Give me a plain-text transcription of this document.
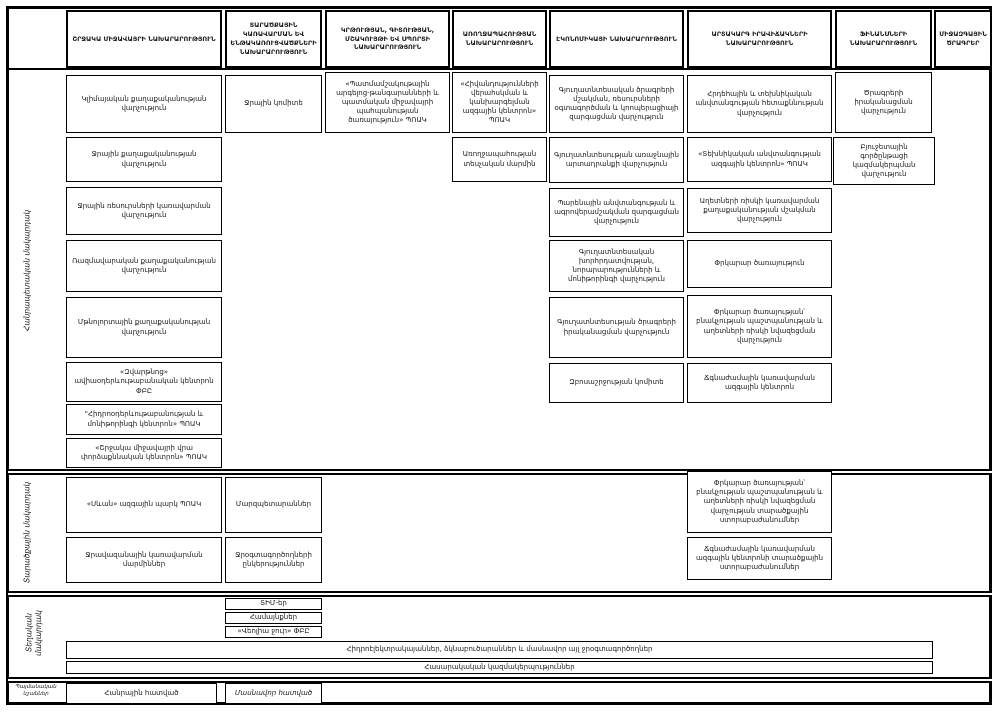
ՇՐՋԱԿԱ ՄԻՋԱՎԱՅՐԻ ՆԱԽԱՐԱՐՈՒԹՅՈՒՆ
ՏԱՐԱԾՔԱՅԻՆ ԿԱՌԱՎԱՐՄԱՆ ԵՎ ԵՆԹԱԿԱՌՈՒՑՎԱԾՔՆԵՐԻ ՆԱԽԱՐԱՐՈՒԹՅՈՒՆ
ԿՐԹՈՒԹՅԱՆ, ԳԻՏՈՒԹՅԱՆ, ՄՇԱԿՈՒՅԹԻ ԵՎ ՍՊՈՐՏԻ ՆԱԽԱՐԱՐՈՒԹՅՈՒՆ
ԱՌՈՂՋԱՊԱՀՈՒԹՅԱՆ ՆԱԽԱՐԱՐՈՒԹՅՈՒՆ
ԷԿՈՆՈՄԻԿԱՅԻ ՆԱԽԱՐԱՐՈՒԹՅՈՒՆ
ԱՐՏԱԿԱՐԳ ԻՐԱՎԻՃԱԿՆԵՐԻ ՆԱԽԱՐԱՐՈՒԹՅՈՒՆ
ՖԻՆԱՆՍՆԵՐԻ ՆԱԽԱՐԱՐՈՒԹՅՈՒՆ
ՄԻՋԱԶԳԱՅԻՆ ԾՐԱԳՐԵՐ
Հանրապետական մակարդակ
Կլիմայական քաղաքականության վարչություն
Ջրային քաղաքականության վարչություն
Ջրային ռեսուրսների կառավարման վարչություն
Ռազմավարական քաղաքականության վարչություն
Մթնոլորտային քաղաքականության վարչություն
«Զվարթնոց» ավիաօդերևութաբանական կենտրոն ՓԲԸ
"Հիդրոօդերևութաբանության և մոնիթորինգի կենտրոն» ՊՈԱԿ
«Շրջակա միջավայրի վրա փորձաքննական կենտրոն» ՊՈԱԿ
Ջրային կոմիտե
«Պատմամշակութային արգելոց-թանգարանների և պատմական միջավայրի պահպանության ծառայություն» ՊՈԱԿ
«Հիվանդությունների վերահսկման և կանխարգելման ազգային կենտրոն» ՊՈԱԿ
Առողջապահության տեսչական մարմին
Գյուղատնտեսական ծրագրերի մշակման, ռեսուրսների օգտագործման և կոոպերացիայի զարգացման վարչություն
Գյուղատնտեսության առաջնային արտադրանքի վարչություն
Պարենային անվտանգության և ագրովերամշակման զարգացման վարչություն
Գյուղատնտեսական խորհրդատվության, նորարարությունների և մոնիթորինգի վարչություն
Գյուղատնտեսության ծրագրերի իրականացման վարչություն
Զբոսաշրջության կոմիտե
Հրդեհային և տեխնիկական անվտանգության հետաքննության վարչություն
«Տեխնիկական անվտանգության ազգային կենտրոն» ՊՈԱԿ
Աղետների ռիսկի կառավարման քաղաքականության մշակման վարչություն
Փրկարար ծառայություն
Փրկարար ծառայության՝ բնակչության պաշտպանության և աղետների ռիսկի նվազեցման վարչություն
Ճգնաժամային կառավարման ազգային կենտրոն
Ծրագրերի իրականացման վարչություն
Բյուջետային գործընթացի կազմակերպման վարչություն
Տարածքային մակարդակ	«Սևան» ազգային պարկ ՊՈԱԿ
Ջրավազանային կառավարման մարմիններ
Մարզպետարաններ
Ջրօգտագործողների ընկերություններ
Փրկարար ծառայության՝ բնակչության պաշտպանության և աղետների ռիսկի նվազեցման վարչության տարածքային ստորաբաժանումներ
Ճգնաժամային կառավարման ազգային կենտրոնի տարածքային ստորաբաժանումներ
Տեղական մակարդակ
ՏԻՄ-եր
Համայնքներ
«Վեոլիա ջուր» ՓԲԸ
Հիդրոէլեկտրակայաններ, ձկնաբուծարաններ և մասնավոր այլ ջրօգտագործողներ
Հասարակական կազմակերպություններ
Պայմանական նշաններ	Հանրային հատված	Մասնավոր հատված
